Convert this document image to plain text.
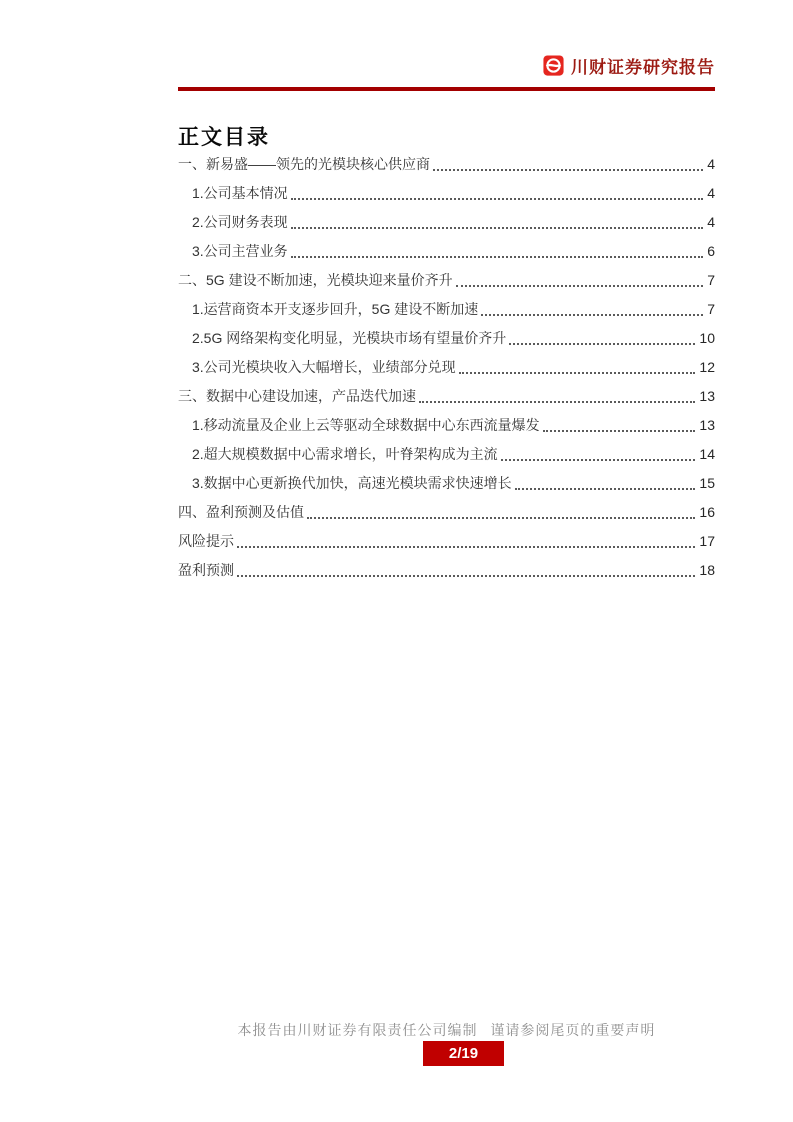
川财证券研究报告
正文目录
一、新易盛——领先的光模块核心供应商	4
1.公司基本情况	4
2.公司财务表现	4
3.公司主营业务	6
二、5G 建设不断加速，光模块迎来量价齐升	7
1.运营商资本开支逐步回升，5G 建设不断加速	7
2.5G 网络架构变化明显，光模块市场有望量价齐升	10
3.公司光模块收入大幅增长，业绩部分兑现	12
三、数据中心建设加速，产品迭代加速	13
1.移动流量及企业上云等驱动全球数据中心东西流量爆发	13
2.超大规模数据中心需求增长，叶脊架构成为主流	14
3.数据中心更新换代加快，高速光模块需求快速增长	15
四、盈利预测及估值	16
风险提示	17
盈利预测	18
本报告由川财证券有限责任公司编制 谨请参阅尾页的重要声明
2/19
